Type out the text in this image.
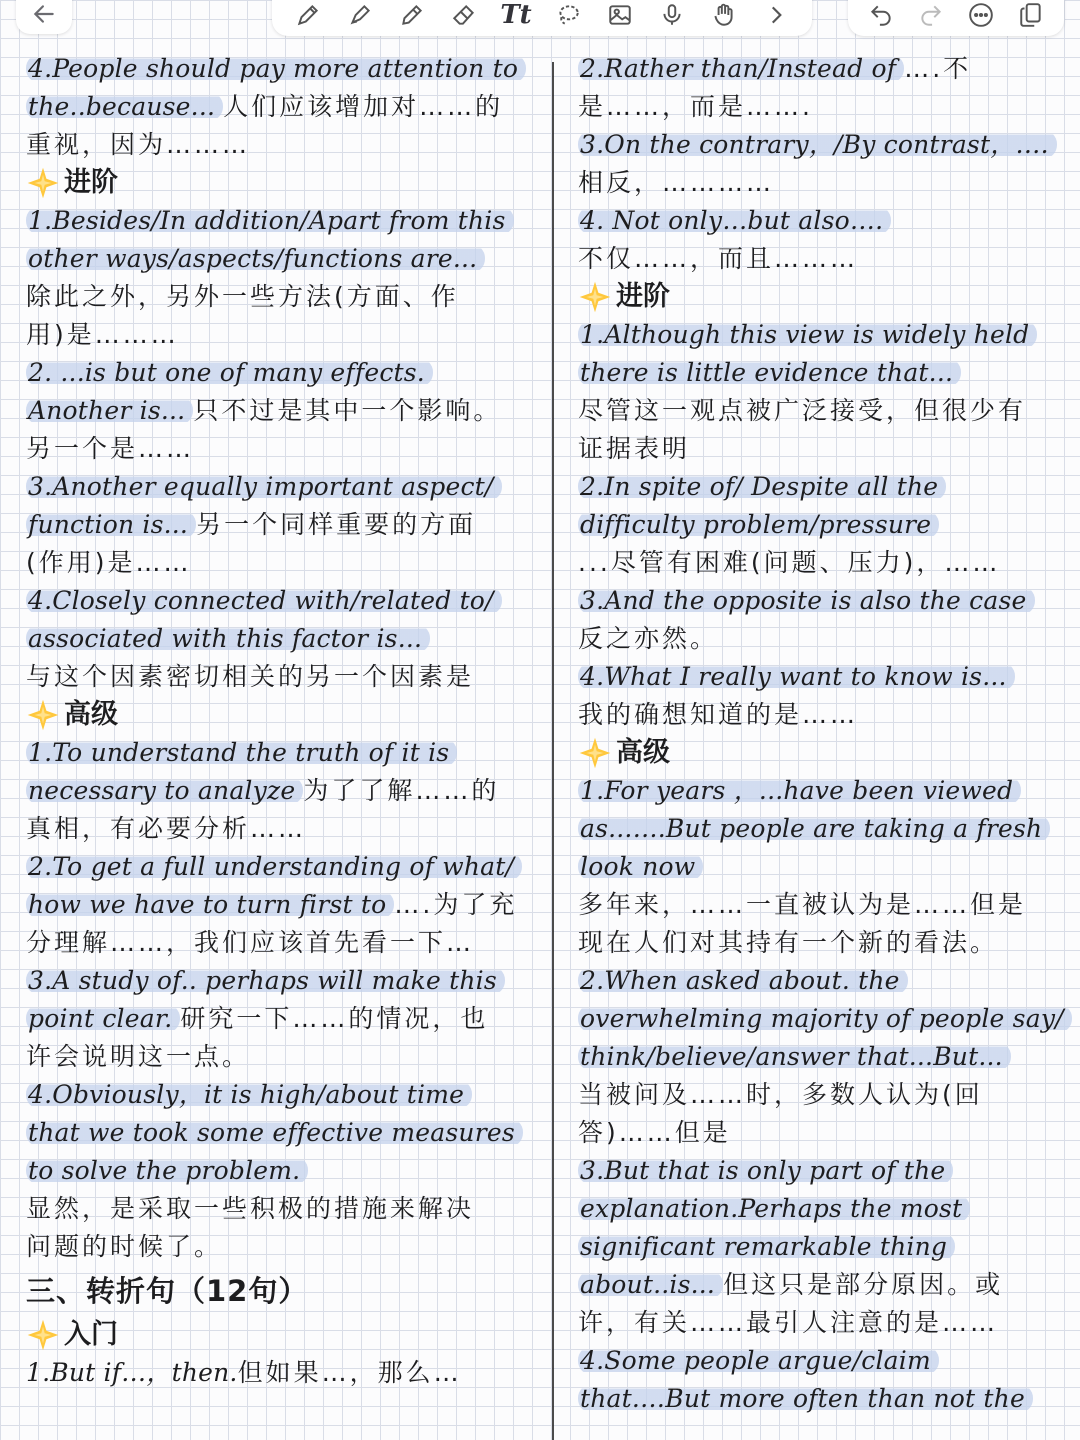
Tt
4.People should pay more attention to
the..because... 人们应该增加对……的
重视，因为………
进阶
1.Besides/In addition/Apart from this
other ways/aspects/functions are...
除此之外，另外一些方法(方面、作
用)是………
2. ...is but one of many effects.
Another is... 只不过是其中一个影响。
另一个是……
3.Another equally important aspect/
function is... 另一个同样重要的方面
(作用)是……
4.Closely connected with/related to/
associated with this factor is...
与这个因素密切相关的另一个因素是
高级
1.To understand the truth of it is
necessary to analyze 为了了解……的
真相，有必要分析……
2.To get a full understanding of what/
how we have to turn first to ….为了充
分理解……，我们应该首先看一下…
3.A study of.. perhaps will make this
point clear. 研究一下……的情况，也
许会说明这一点。
4.Obviously，it is high/about time
that we took some effective measures
to solve the problem.
显然，是采取一些积极的措施来解决
问题的时候了。
三、转折句（12句）
入门
1.But if…，then.但如果…，那么…
2.Rather than/Instead of ….不
是……，而是…….
3.On the contrary，/By contrast，….
相反，…………
4. Not only…but also….
不仅……，而且………
进阶
1.Although this view is widely held
there is little evidence that...
尽管这一观点被广泛接受，但很少有
证据表明
2.In spite of/ Despite all the
difficulty problem/pressure
...尽管有困难(问题、压力)，……
3.And the opposite is also the case
反之亦然。
4.What I really want to know is...
我的确想知道的是……
高级
1.For years ，...have been viewed
as...….But people are taking a fresh
look now
多年来，……一直被认为是……但是
现在人们对其持有一个新的看法。
2.When asked about. the
overwhelming majority of people say/
think/believe/answer that...But...
当被问及……时，多数人认为(回
答)……但是
3.But that is only part of the
explanation.Perhaps the most
significant remarkable thing
about..is... 但这只是部分原因。或
许，有关……最引人注意的是……
4.Some people argue/claim
that.…But more often than not the
